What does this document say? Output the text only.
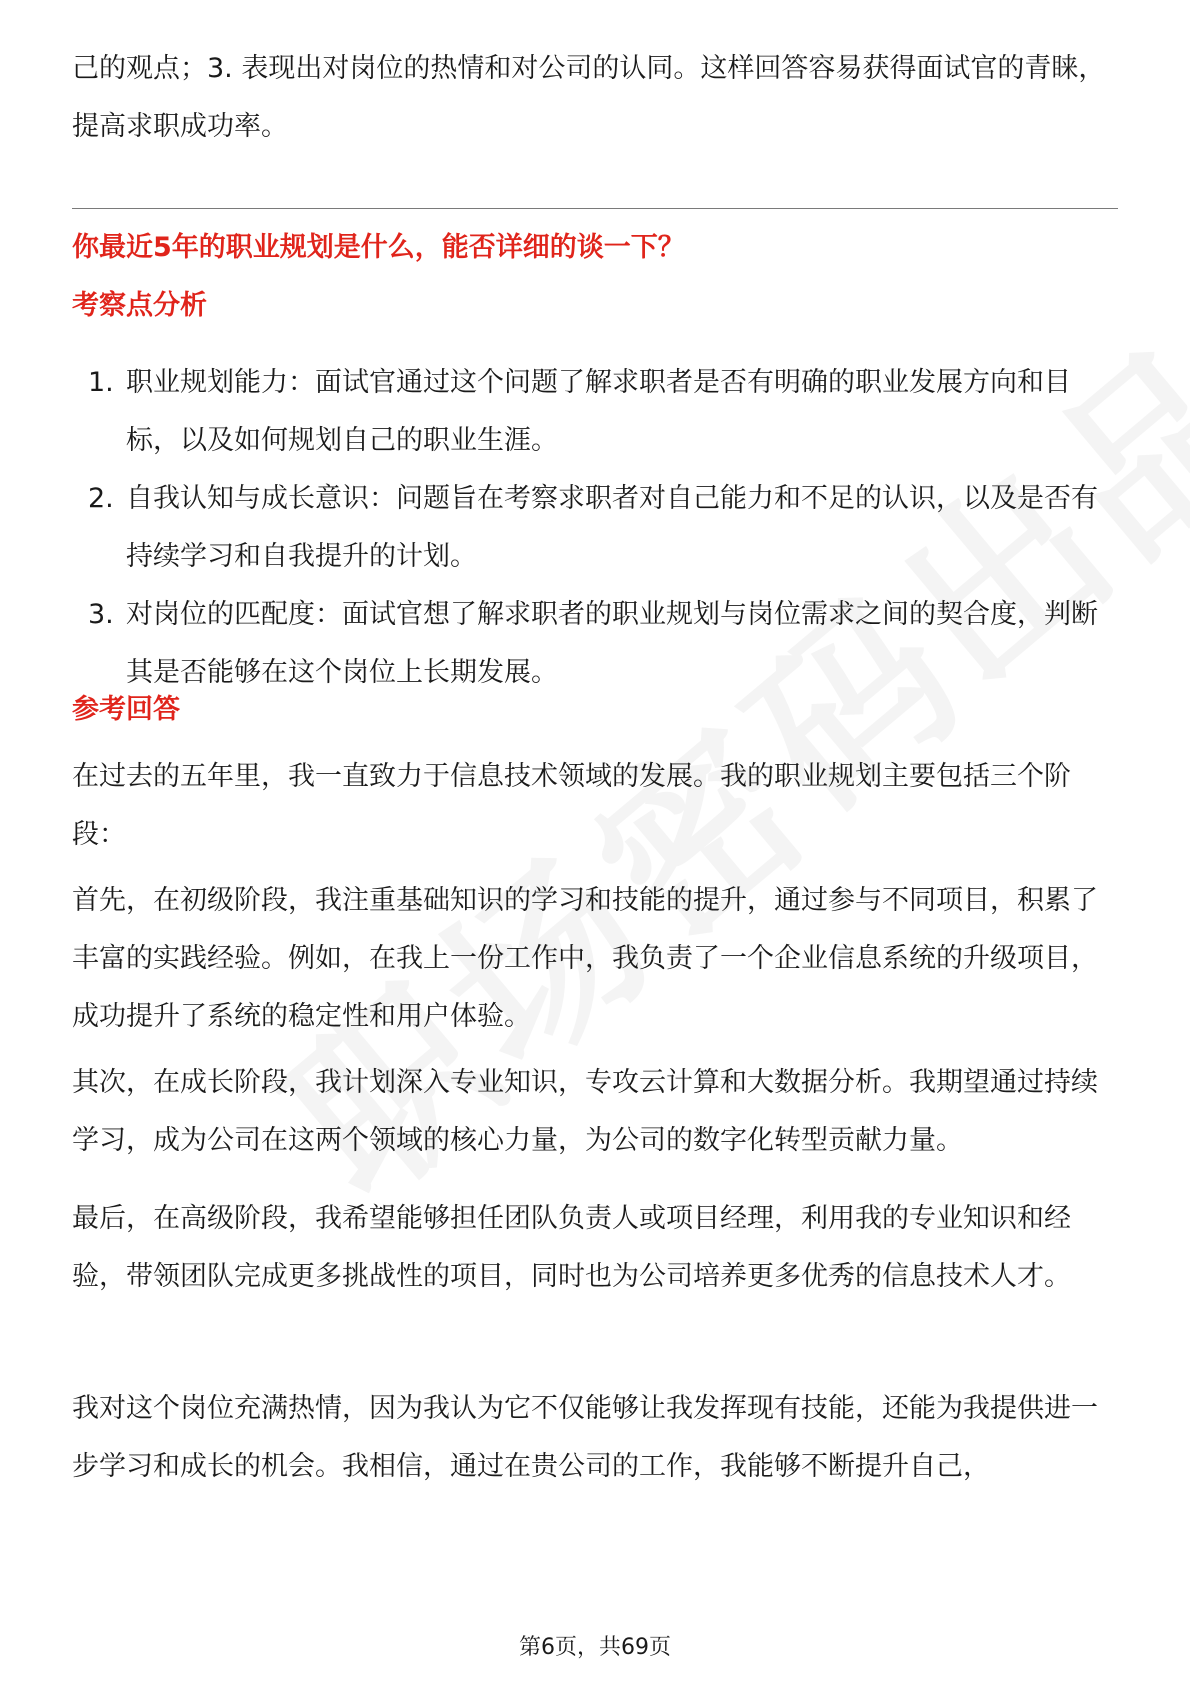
己的观点；3. 表现出对岗位的热情和对公司的认同。这样回答容易获得面试官的青睐，提高求职成功率。

你最近5年的职业规划是什么，能否详细的谈一下？
考察点分析
1. 职业规划能力：面试官通过这个问题了解求职者是否有明确的职业发展方向和目标，以及如何规划自己的职业生涯。
2. 自我认知与成长意识：问题旨在考察求职者对自己能力和不足的认识，以及是否有持续学习和自我提升的计划。
3. 对岗位的匹配度：面试官想了解求职者的职业规划与岗位需求之间的契合度，判断其是否能够在这个岗位上长期发展。
参考回答

在过去的五年里，我一直致力于信息技术领域的发展。我的职业规划主要包括三个阶段：

首先，在初级阶段，我注重基础知识的学习和技能的提升，通过参与不同项目，积累了丰富的实践经验。例如，在我上一份工作中，我负责了一个企业信息系统的升级项目，成功提升了系统的稳定性和用户体验。

其次，在成长阶段，我计划深入专业知识，专攻云计算和大数据分析。我期望通过持续学习，成为公司在这两个领域的核心力量，为公司的数字化转型贡献力量。

最后，在高级阶段，我希望能够担任团队负责人或项目经理，利用我的专业知识和经验，带领团队完成更多挑战性的项目，同时也为公司培养更多优秀的信息技术人才。

我对这个岗位充满热情，因为我认为它不仅能够让我发挥现有技能，还能为我提供进一步学习和成长的机会。我相信，通过在贵公司的工作，我能够不断提升自己，

第6页，共69页
